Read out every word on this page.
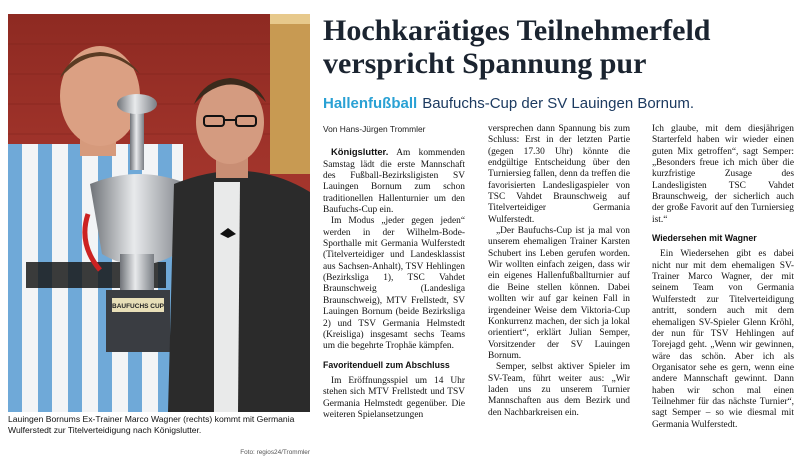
BAUFUCHS CUP
Lauingen Bornums Ex-Trainer Marco Wagner (rechts) kommt mit Germania Wulferstedt zur Titelverteidigung nach Königslutter.
Foto: regios24/Trommler
Hochkarätiges Teilnehmerfeld verspricht Spannung pur
Hallenfußball Baufuchs-Cup der SV Lauingen Bornum.

Von Hans-Jürgen Trommler

Königslutter. Am kommenden Samstag lädt die erste Mannschaft des Fußball-Bezirksligisten SV Lauingen Bornum zum schon traditionellen Hallenturnier um den Baufuchs-Cup ein.

Im Modus „jeder gegen jeden“ werden in der Wilhelm-Bode-Sporthalle mit Germania Wulferstedt (Titelverteidiger und Landesklassist aus Sachsen-Anhalt), TSV Hehlingen (Bezirksliga 1), TSC Vahdet Braunschweig (Landesliga Braunschweig), MTV Frellstedt, SV Lauingen Bornum (beide Bezirksliga 2) und TSV Germania Helmstedt (Kreisliga) insgesamt sechs Teams um die begehrte Trophäe kämpfen.

Favoritenduell zum Abschluss

Im Eröffnungsspiel um 14 Uhr stehen sich MTV Frellstedt und TSV Germania Helmstedt gegenüber. Die weiteren Spielansetzungen

versprechen dann Spannung bis zum Schluss: Erst in der letzten Partie (gegen 17.30 Uhr) könnte die endgültige Entscheidung über den Turniersieg fallen, denn da treffen die favorisierten Landesligaspieler von TSC Vahdet Braunschweig auf Titelverteidiger Germania Wulferstedt.

„Der Baufuchs-Cup ist ja mal von unserem ehemaligen Trainer Karsten Schubert ins Leben gerufen worden. Wir wollten einfach zeigen, dass wir ein eigenes Hallenfußballturnier auf die Beine stellen können. Dabei wollten wir auf gar keinen Fall in irgendeiner Weise dem Viktoria-Cup Konkurrenz machen, der sich ja lokal orientiert“, erklärt Julian Semper, Vorsitzender der SV Lauingen Bornum.

Semper, selbst aktiver Spieler im SV-Team, führt weiter aus: „Wir laden uns zu unserem Turnier Mannschaften aus dem Bezirk und den Nachbarkreisen ein.

Ich glaube, mit dem diesjährigen Starterfeld haben wir wieder einen guten Mix getroffen“, sagt Semper: „Besonders freue ich mich über die kurzfristige Zusage des Landesligisten TSC Vahdet Braunschweig, der sicherlich auch der große Favorit auf den Turniersieg ist.“

Wiedersehen mit Wagner

Ein Wiedersehen gibt es dabei nicht nur mit dem ehemaligen SV-Trainer Marco Wagner, der mit seinem Team von Germania Wulferstedt zur Titelverteidigung antritt, sondern auch mit dem ehemaligen SV-Spieler Glenn Kröhl, der nun für TSV Hehlingen auf Torejagd geht. „Wenn wir gewinnen, wäre das schön. Aber ich als Organisator sehe es gern, wenn eine andere Mannschaft gewinnt. Dann haben wir schon mal einen Teilnehmer für das nächste Turnier“, sagt Semper – so wie diesmal mit Germania Wulferstedt.
